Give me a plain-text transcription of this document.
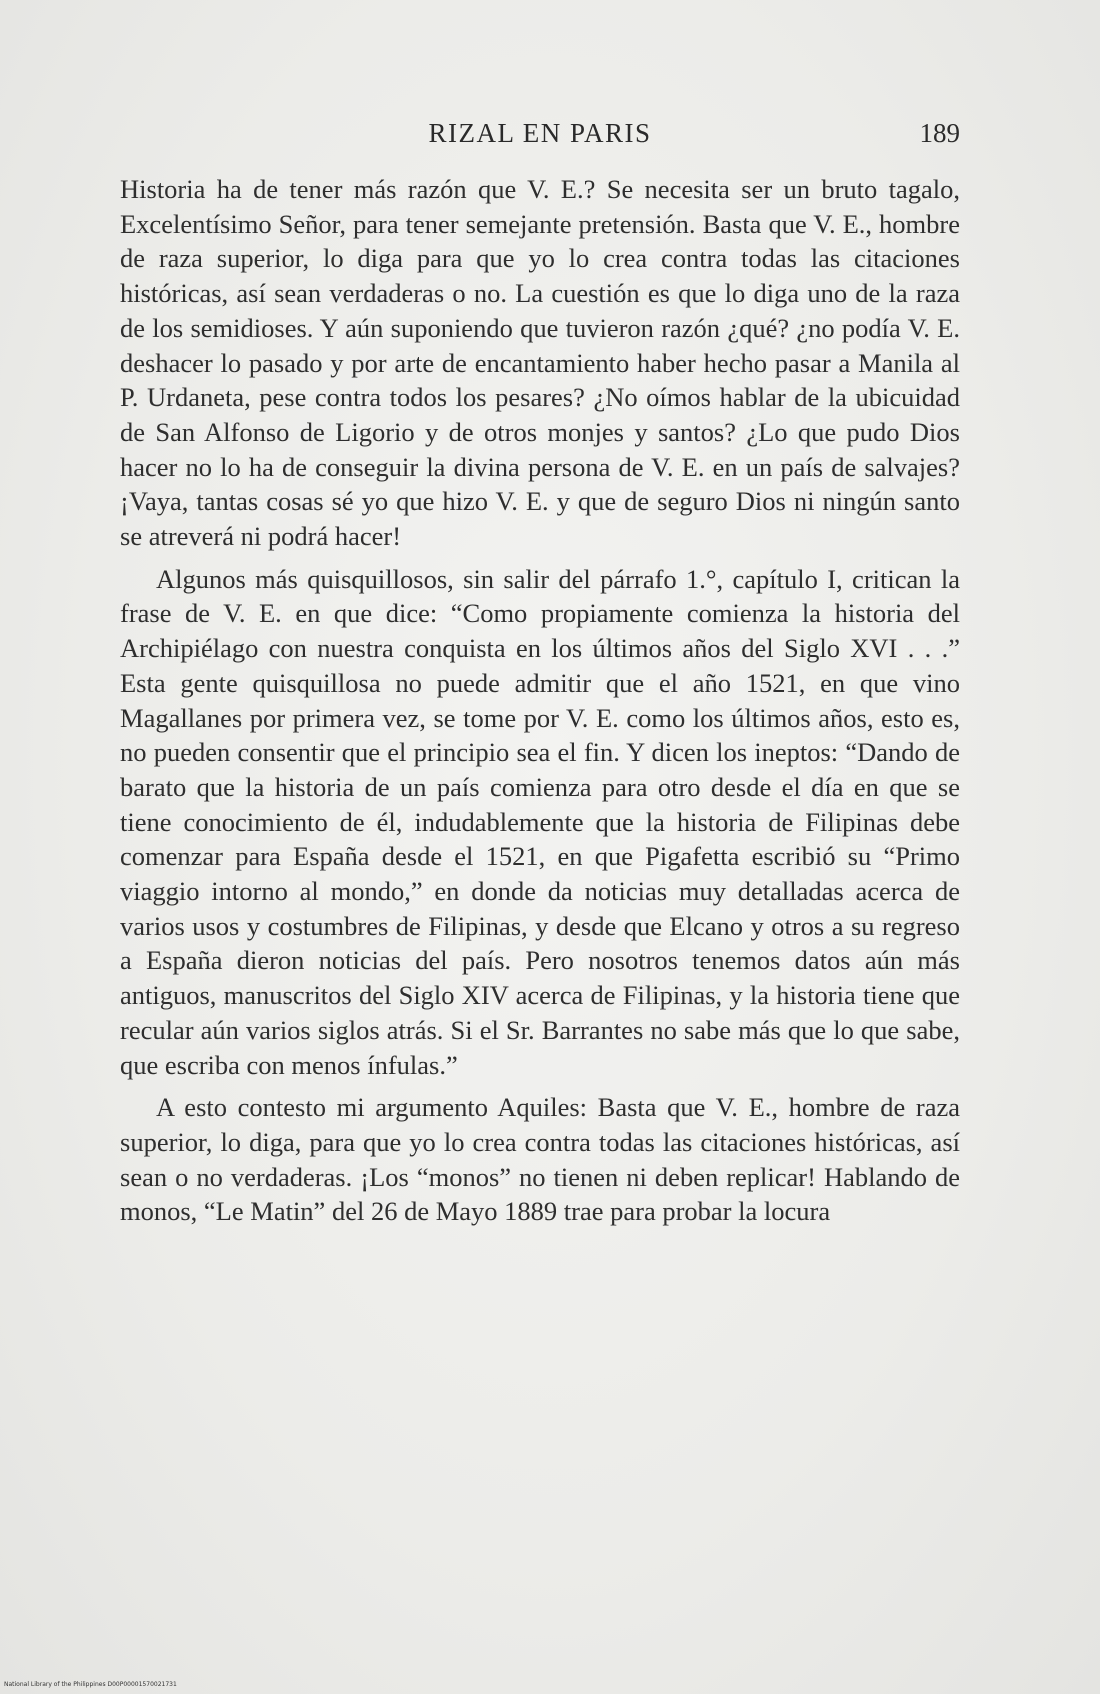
RIZAL EN PARIS	189

Historia ha de tener más razón que V. E.? Se necesita ser un bruto tagalo, Excelentísimo Señor, para tener semejante pretensión. Basta que V. E., hombre de raza superior, lo diga para que yo lo crea contra todas las citaciones históricas, así sean verdaderas o no. La cuestión es que lo diga uno de la raza de los semidioses. Y aún suponiendo que tuvieron razón ¿qué? ¿no podía V. E. deshacer lo pasado y por arte de encantamiento haber hecho pasar a Manila al P. Urdaneta, pese contra todos los pesares? ¿No oímos hablar de la ubicuidad de San Alfonso de Ligorio y de otros monjes y santos? ¿Lo que pudo Dios hacer no lo ha de conseguir la divina persona de V. E. en un país de salvajes? ¡Vaya, tantas cosas sé yo que hizo V. E. y que de seguro Dios ni ningún santo se atreverá ni podrá hacer!

Algunos más quisquillosos, sin salir del párrafo 1.°, capítulo I, critican la frase de V. E. en que dice: “Como propiamente comienza la historia del Archipiélago con nuestra conquista en los últimos años del Siglo XVI . . .” Esta gente quisquillosa no puede admitir que el año 1521, en que vino Magallanes por primera vez, se tome por V. E. como los últimos años, esto es, no pueden consentir que el principio sea el fin. Y dicen los ineptos: “Dando de barato que la historia de un país comienza para otro desde el día en que se tiene conocimiento de él, indudablemente que la historia de Filipinas debe comenzar para España desde el 1521, en que Pigafetta escribió su “Primo viaggio intorno al mondo,” en donde da noticias muy detalladas acerca de varios usos y costumbres de Filipinas, y desde que Elcano y otros a su regreso a España dieron noticias del país. Pero nosotros tenemos datos aún más antiguos, manuscritos del Siglo XIV acerca de Filipinas, y la historia tiene que recular aún varios siglos atrás. Si el Sr. Barrantes no sabe más que lo que sabe, que escriba con menos ínfulas.”

A esto contesto mi argumento Aquiles: Basta que V. E., hombre de raza superior, lo diga, para que yo lo crea contra todas las citaciones históricas, así sean o no verdaderas. ¡Los “monos” no tienen ni deben replicar! Hablando de monos, “Le Matin” del 26 de Mayo 1889 trae para probar la locura

National Library of the Philippines D00P00001570021731
